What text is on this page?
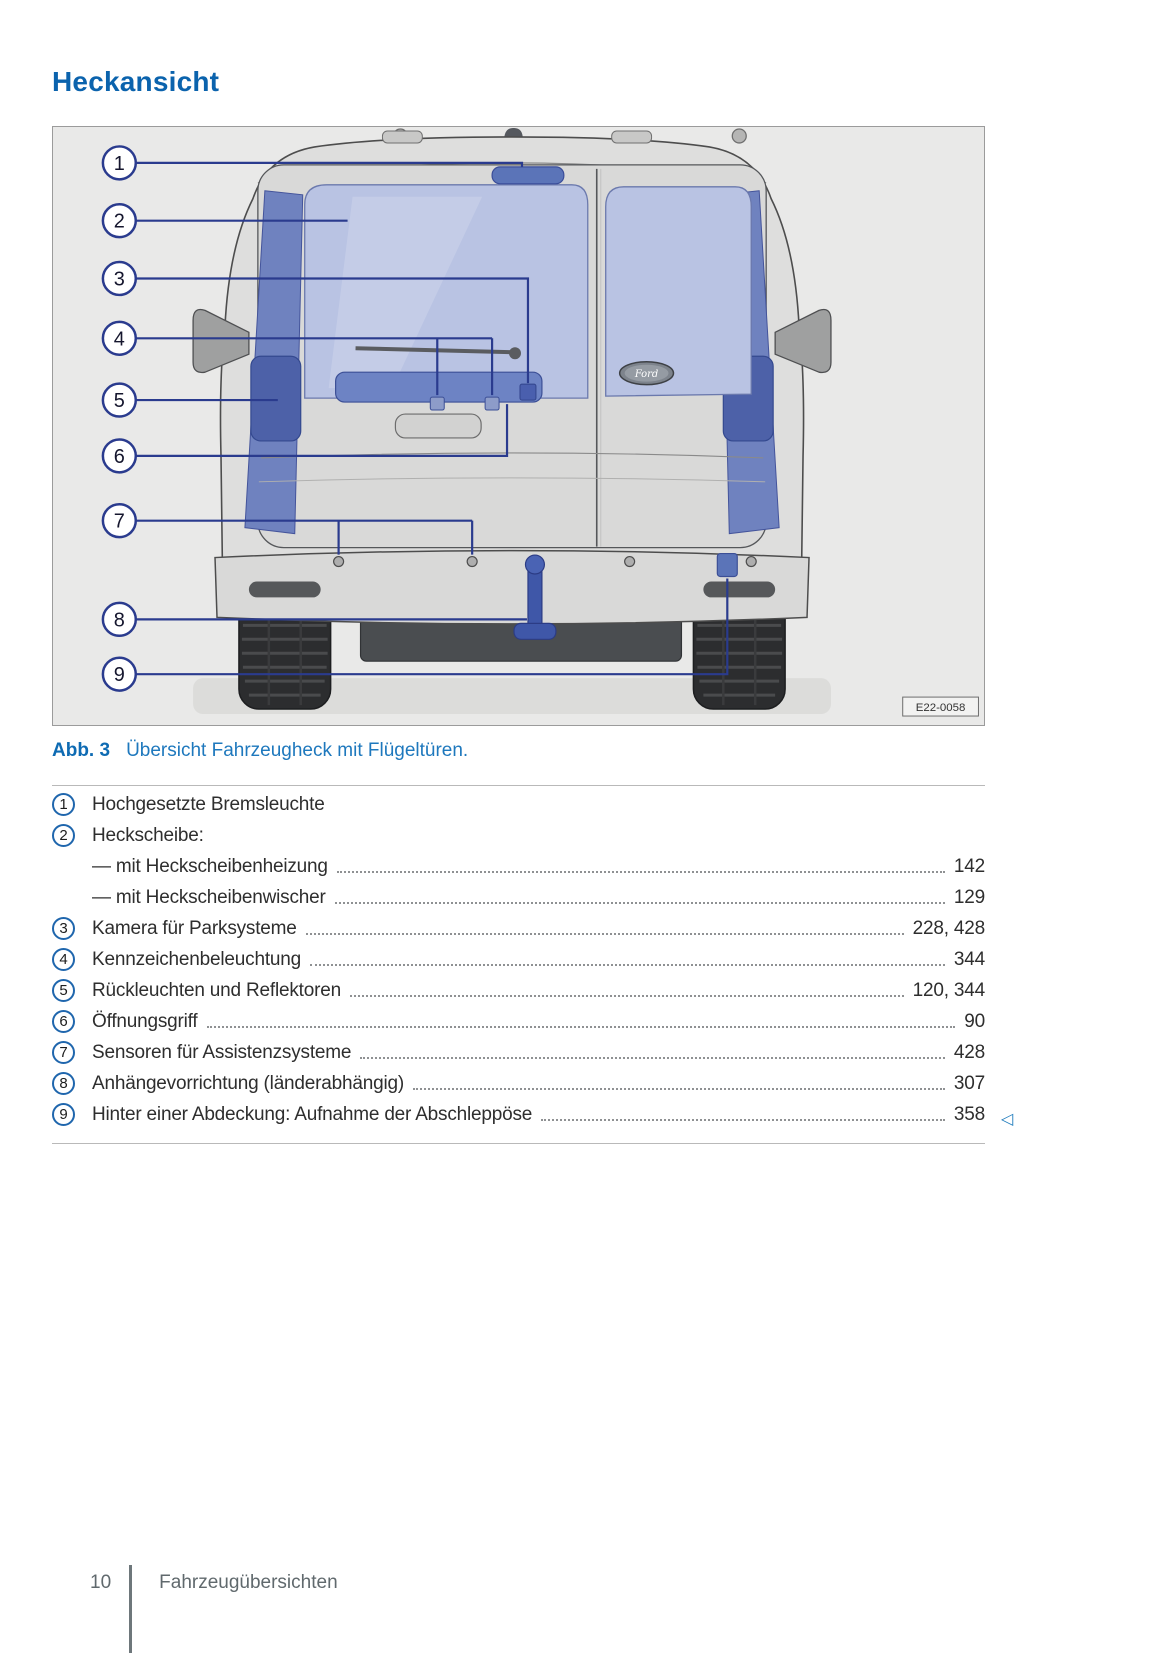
Heckansicht
Ford
1
2
3
4
5
6
7
8
9
E22-0058
Abb. 3 Übersicht Fahrzeugheck mit Flügeltüren.
1	Hochgesetzte Bremsleuchte
2	Heckscheibe:
— mit Heckscheibenheizung	142
— mit Heckscheibenwischer	129
3	Kamera für Parksysteme	228, 428
4	Kennzeichenbeleuchtung	344
5	Rückleuchten und Reflektoren	120, 344
6	Öffnungsgriff	90
7	Sensoren für Assistenzsysteme	428
8	Anhängevorrichtung (länderabhängig)	307
9	Hinter einer Abdeckung: Aufnahme der Abschleppöse	358 ◁
10	Fahrzeugübersichten
